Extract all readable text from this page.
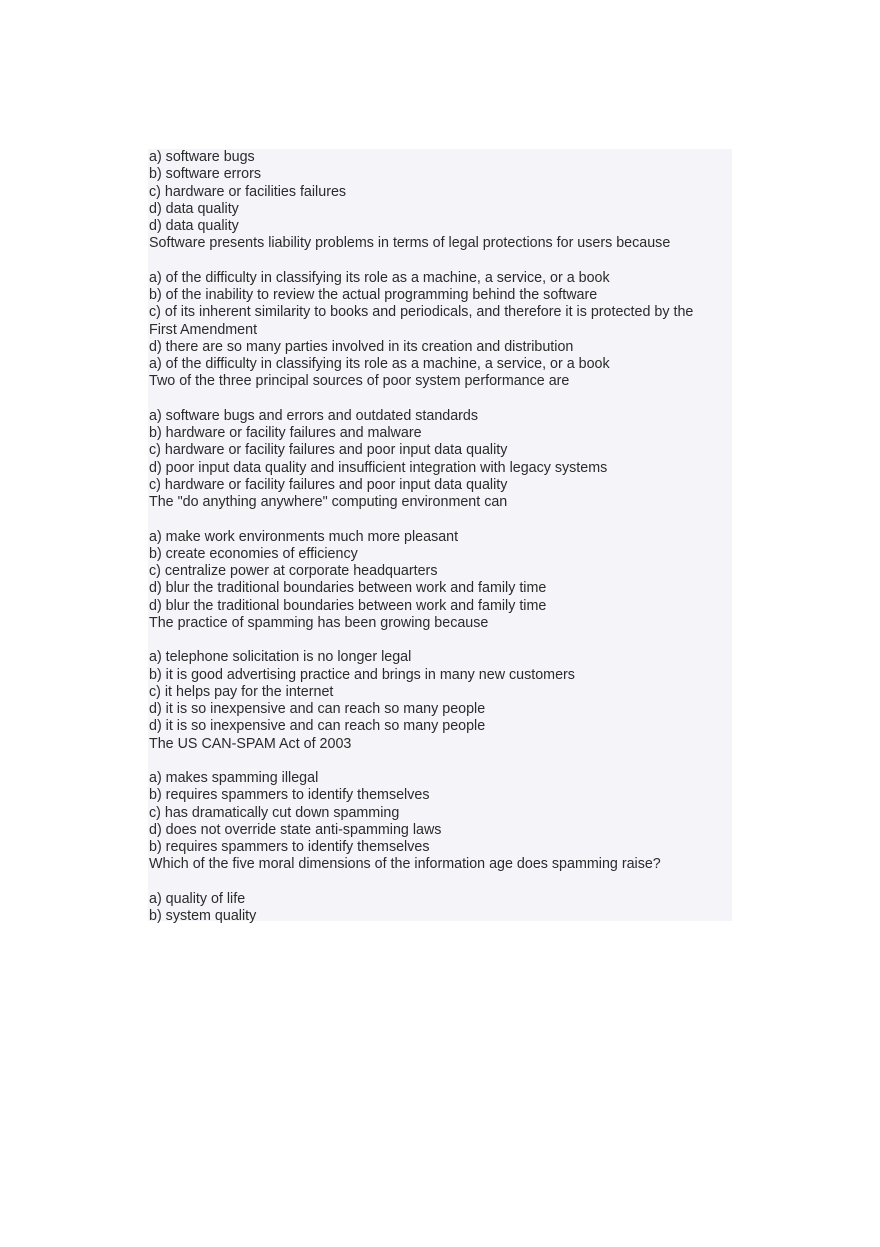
a) software bugs
b) software errors
c) hardware or facilities failures
d) data quality
d) data quality
Software presents liability problems in terms of legal protections for users because
a) of the difficulty in classifying its role as a machine, a service, or a book
b) of the inability to review the actual programming behind the software
c) of its inherent similarity to books and periodicals, and therefore it is protected by the
First Amendment
d) there are so many parties involved in its creation and distribution
a) of the difficulty in classifying its role as a machine, a service, or a book
Two of the three principal sources of poor system performance are
a) software bugs and errors and outdated standards
b) hardware or facility failures and malware
c) hardware or facility failures and poor input data quality
d) poor input data quality and insufficient integration with legacy systems
c) hardware or facility failures and poor input data quality
The "do anything anywhere" computing environment can
a) make work environments much more pleasant
b) create economies of efficiency
c) centralize power at corporate headquarters
d) blur the traditional boundaries between work and family time
d) blur the traditional boundaries between work and family time
The practice of spamming has been growing because
a) telephone solicitation is no longer legal
b) it is good advertising practice and brings in many new customers
c) it helps pay for the internet
d) it is so inexpensive and can reach so many people
d) it is so inexpensive and can reach so many people
The US CAN-SPAM Act of 2003
a) makes spamming illegal
b) requires spammers to identify themselves
c) has dramatically cut down spamming
d) does not override state anti-spamming laws
b) requires spammers to identify themselves
Which of the five moral dimensions of the information age does spamming raise?
a) quality of life
b) system quality
